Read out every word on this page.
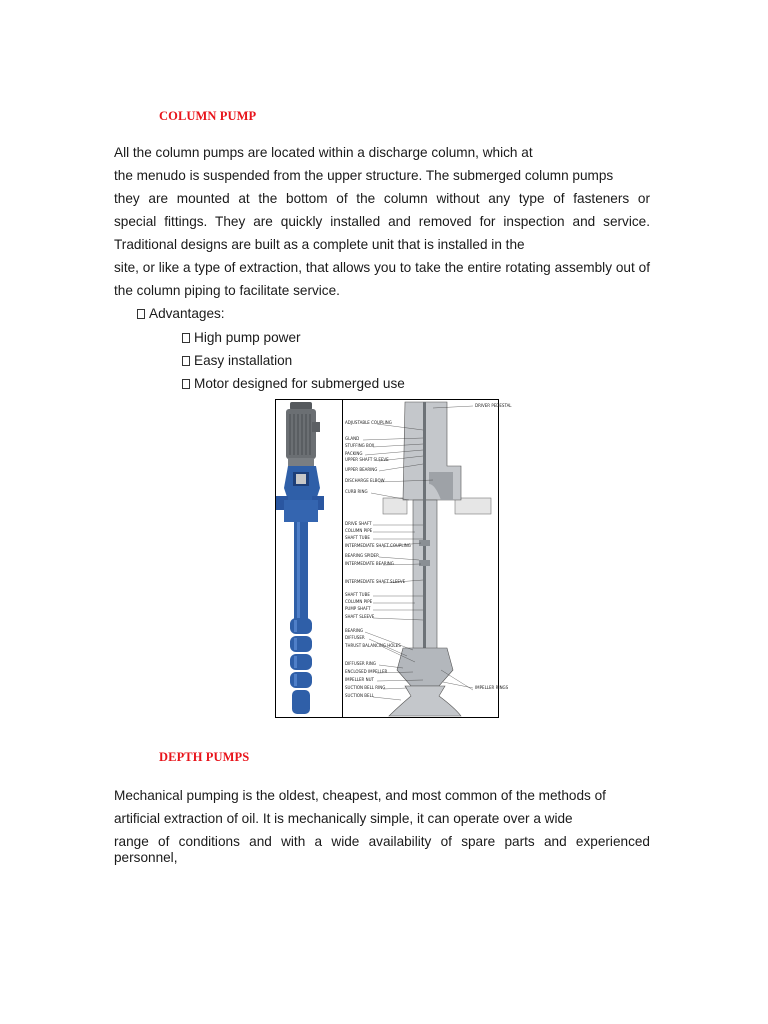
COLUMN PUMP
All the column pumps are located within a discharge column, which at
the menudo is suspended from the upper structure. The submerged column pumps
they are mounted at the bottom of the column without any type of fasteners or
special fittings. They are quickly installed and removed for inspection and service.
Traditional designs are built as a complete unit that is installed in the
site, or like a type of extraction, that allows you to take the entire rotating assembly out of
the column piping to facilitate service.
Advantages:
High pump power
Easy installation
Motor designed for submerged use
DRIVER PEDESTAL
ADJUSTABLE COUPLING
GLAND
STUFFING BOX
PACKING
UPPER SHAFT SLEEVE
UPPER BEARING
DISCHARGE ELBOW
CURB RING
DRIVE SHAFT
COLUMN PIPE
SHAFT TUBE
INTERMEDIATE SHAFT COUPLING
BEARING SPIDER
INTERMEDIATE BEARING
INTERMEDIATE SHAFT SLEEVE
SHAFT TUBE
COLUMN PIPE
PUMP SHAFT
SHAFT SLEEVE
BEARING
DIFFUSER
THRUST BALANCING HOLES
DIFFUSER RING
ENCLOSED IMPELLER
IMPELLER NUT
SUCTION BELL RING
SUCTION BELL
IMPELLER RINGS
DEPTH PUMPS
Mechanical pumping is the oldest, cheapest, and most common of the methods of
artificial extraction of oil. It is mechanically simple, it can operate over a wide
range of conditions and with a wide availability of spare parts and experienced personnel,
